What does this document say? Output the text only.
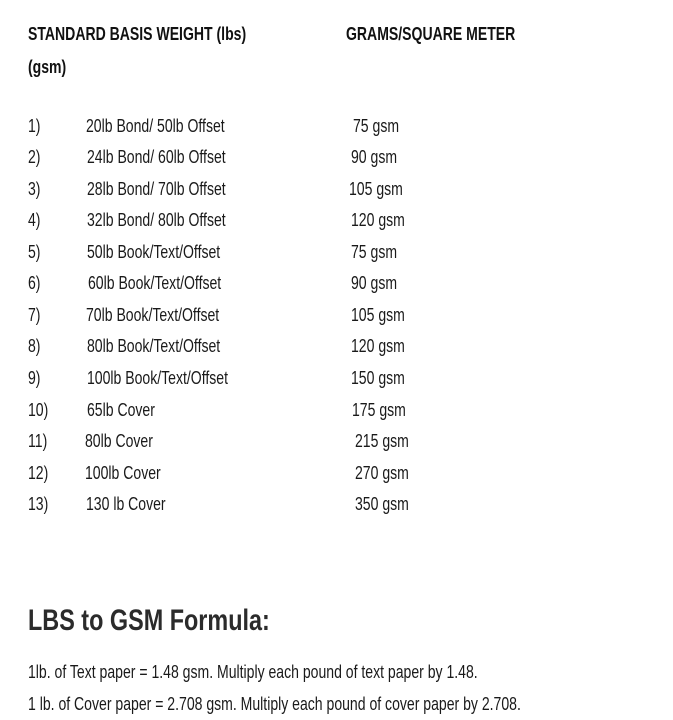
STANDARD BASIS WEIGHT (lbs)	GRAMS/SQUARE METER
(gsm)
1)	20lb Bond/ 50lb Offset	75 gsm
2)	24lb Bond/ 60lb Offset	90 gsm
3)	28lb Bond/ 70lb Offset	105 gsm
4)	32lb Bond/ 80lb Offset	120 gsm
5)	50lb Book/Text/Offset	75 gsm
6)	60lb Book/Text/Offset	90 gsm
7)	70lb Book/Text/Offset	105 gsm
8)	80lb Book/Text/Offset	120 gsm
9)	100lb Book/Text/Offset	150 gsm
10) 65lb Cover	175 gsm
11) 80lb Cover	215 gsm
12) 100lb Cover	270 gsm
13) 130 lb Cover	350 gsm
LBS to GSM Formula:
1lb. of Text paper = 1.48 gsm. Multiply each pound of text paper by 1.48.
1 lb. of Cover paper = 2.708 gsm. Multiply each pound of cover paper by 2.708.
